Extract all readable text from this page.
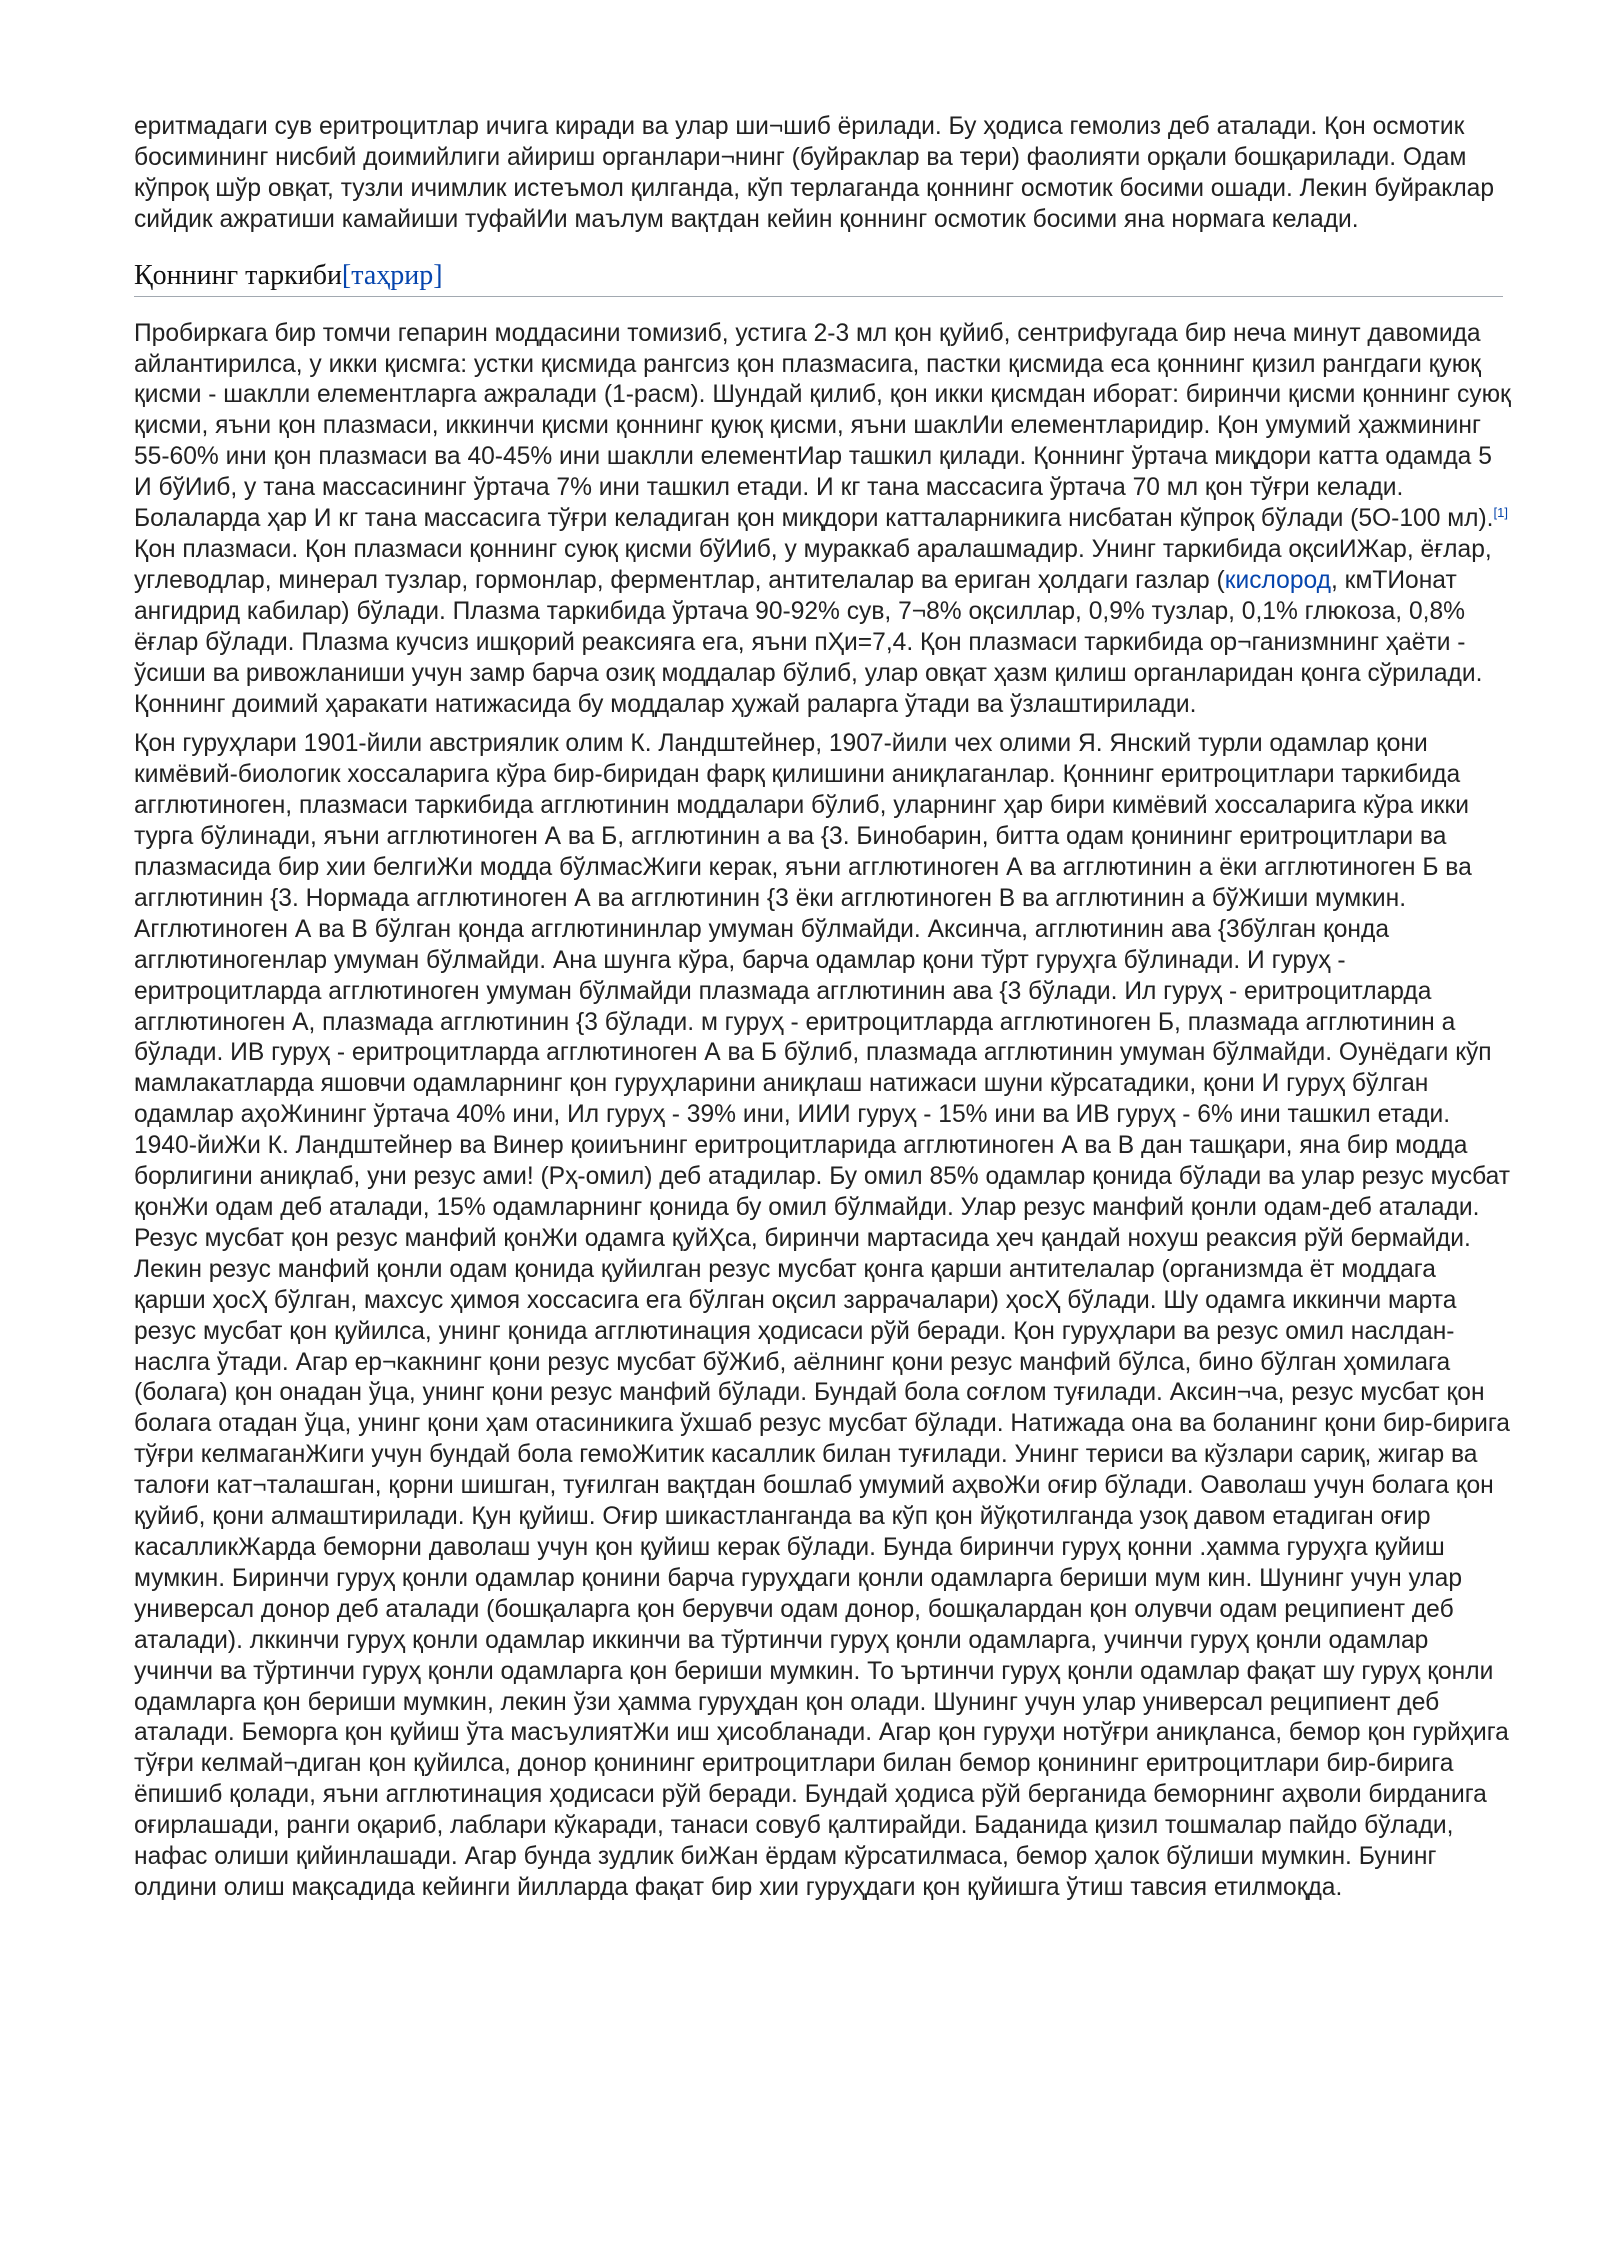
еритмадаги сув еритроцитлар ичига киради ва улар ши¬шиб ёрилади. Бу ҳодиса гемолиз деб аталади. Қон осмотик босимининг нисбий доимийлиги айириш органлари¬нинг (буйраклар ва тери) фаолияти орқали бошқарилади. Одам кўпроқ шўр овқат, тузли ичимлик истеъмол қилганда, кўп терлаганда қоннинг осмотик босими ошади. Лекин буйраклар сийдик ажратиши камайиши туфайИи маълум вақтдан кейин қоннинг осмотик босими яна нормага келади.

Қоннинг таркиби[таҳрир]

Пробиркага бир томчи гепарин моддасини томизиб, устига 2-3 мл қон қуйиб, сентрифугада бир неча минут давомида айлантирилса, у икки қисмга: устки қисмида рангсиз қон плазмасига, пастки қисмида еса қоннинг қизил рангдаги қуюқ қисми - шаклли елементларга ажралади (1-расм). Шундай қилиб, қон икки қисмдан иборат: биринчи қисми қоннинг суюқ қисми, яъни қон плазмаси, иккинчи қисми қоннинг қуюқ қисми, яъни шаклИи елементларидир. Қон умумий ҳажмининг 55-60% ини қон плазмаси ва 40-45% ини шаклли елементИар ташкил қилади. Қоннинг ўртача миқдори катта одамда 5 И бўИиб, у тана массасининг ўртача 7% ини ташкил етади. И кг тана массасига ўртача 70 мл қон тўғри келади. Болаларда ҳар И кг тана массасига тўғри келадиган қон миқдори катталарникига нисбатан кўпроқ бўлади (5О-100 мл).[1] Қон плазмаси. Қон плазмаси қоннинг суюқ қисми бўИиб, у мураккаб аралашмадир. Унинг таркибида оқсиИЖар, ёғлар, углеводлар, минерал тузлар, гормонлар, ферментлар, антителалар ва ериган ҳолдаги газлар (кислород, кмТИонат ангидрид кабилар) бўлади. Плазма таркибида ўртача 90-92% сув, 7¬8% оқсиллар, 0,9% тузлар, 0,1% глюкоза, 0,8% ёғлар бўлади. Плазма кучсиз ишқорий реаксияга ега, яъни пҲи=7,4. Қон плазмаси таркибида ор¬ганизмнинг ҳаёти - ўсиши ва ривожланиши учун замр барча озиқ моддалар бўлиб, улар овқат ҳазм қилиш органларидан қонга сўрилади. Қоннинг доимий ҳаракати натижасида бу моддалар ҳужай раларга ўтади ва ўзлаштирилади.

Қон гуруҳлари 1901-йили австриялик олим К. Ландштейнер, 1907-йили чех олими Я. Янский турли одамлар қони кимёвий-биологик хоссаларига кўра бир-биридан фарқ қилишини аниқлаганлар. Қоннинг еритроцитлари таркибида агглютиноген, плазмаси таркибида агглютинин моддалари бўлиб, уларнинг ҳар бири кимёвий хоссаларига кўра икки турга бўлинади, яъни агглютиноген А ва Б, агглютинин а ва {3. Бинобарин, битта одам қонининг еритроцитлари ва плазмасида бир хии белгиЖи модда бўлмасЖиги керак, яъни агглютиноген А ва агглютинин а ёки агглютиноген Б ва агглютинин {3. Нормада агглютиноген А ва агглютинин {3 ёки агглютиноген В ва агглютинин а бўЖиши мумкин. Агглютиноген А ва В бўлган қонда агглютининлар умуман бўлмайди. Аксинча, агглютинин ава {3бўлган қонда агглютиногенлар умуман бўлмайди. Ана шунга кўра, барча одамлар қони тўрт гуруҳга бўлинади. И гуруҳ - еритроцитларда агглютиноген умуман бўлмайди плазмада агглютинин ава {3 бўлади. Ил гуруҳ - еритроцитларда агглютиноген А, плазмада агглютинин {3 бўлади. м гуруҳ - еритроцитларда агглютиноген Б, плазмада агглютинин а бўлади. ИВ гуруҳ - еритроцитларда агглютиноген А ва Б бўлиб, плазмада агглютинин умуман бўлмайди. Оунёдаги кўп мамлакатларда яшовчи одамларнинг қон гуруҳларини аниқлаш натижаси шуни кўрсатадики, қони И гуруҳ бўлган одамлар аҳоЖининг ўртача 40% ини, Ил гуруҳ - 39% ини, ИИИ гуруҳ - 15% ини ва ИВ гуруҳ - 6% ини ташкил етади. 1940-йиЖи К. Ландштейнер ва Винер қоииънинг еритроцитларида агглютиноген А ва В дан ташқари, яна бир модда борлигини аниқлаб, уни резус ами! (Рҳ-омил) деб атадилар. Бу омил 85% одамлар қонида бўлади ва улар резус мусбат қонЖи одам деб аталади, 15% одамларнинг қонида бу омил бўлмайди. Улар резус манфий қонли одам-деб аталади. Резус мусбат қон резус манфий қонЖи одамга қуйҲса, биринчи мартасида ҳеч қандай нохуш реаксия рўй бермайди. Лекин резус манфий қонли одам қонида қуйилган резус мусбат қонга қарши антителалар (организмда ёт моддага қарши ҳосҲ бўлган, махсус ҳимоя хоссасига ега бўлган оқсил заррачалари) ҳосҲ бўлади. Шу одамга иккинчи марта резус мусбат қон қуйилса, унинг қонида агглютинация ҳодисаси рўй беради. Қон гуруҳлари ва резус омил наслдан-наслга ўтади. Агар ер¬какнинг қони резус мусбат бўЖиб, аёлнинг қони резус манфий бўлса, бино бўлган ҳомилага (болага) қон онадан ўца, унинг қони резус манфий бўлади. Бундай бола соғлом туғилади. Аксин¬ча, резус мусбат қон болага отадан ўца, унинг қони ҳам отасиникига ўхшаб резус мусбат бўлади. Натижада она ва боланинг қони бир-бирига тўғри келмаганЖиги учун бундай бола гемоЖитик касаллик билан туғилади. Унинг териси ва кўзлари сариқ, жигар ва талоғи кат¬талашган, қорни шишган, туғилган вақтдан бошлаб умумий аҳвоЖи оғир бўлади. Оаволаш учун болага қон қуйиб, қони алмаштирилади. Қун қуйиш. Оғир шикастланганда ва кўп қон йўқотилганда узоқ давом етадиган оғир касалликЖарда беморни даволаш учун қон қуйиш керак бўлади. Бунда биринчи гуруҳ қонни .ҳамма гуруҳга қуйиш мумкин. Биринчи гуруҳ қонли одамлар қонини барча гуруҳдаги қонли одамларга бериши мум кин. Шунинг учун улар универсал донор деб аталади (бошқаларга қон берувчи одам донор, бошқалардан қон олувчи одам реципиент деб аталади). лккинчи гуруҳ қонли одамлар иккинчи ва тўртинчи гуруҳ қонли одамларга, учинчи гуруҳ қонли одамлар учинчи ва тўртинчи гуруҳ қонли одамларга қон бериши мумкин. То ъртинчи гуруҳ қонли одамлар фақат шу гуруҳ қонли одамларга қон бериши мумкин, лекин ўзи ҳамма гуруҳдан қон олади. Шунинг учун улар универсал реципиент деб аталади. Беморга қон қуйиш ўта масъулиятЖи иш ҳисобланади. Агар қон гуруҳи нотўғри аниқланса, бемор қон гурйҳига тўғри келмай¬диган қон қуйилса, донор қонининг еритроцитлари билан бемор қонининг еритроцитлари бир-бирига ёпишиб қолади, яъни агглютинация ҳодисаси рўй беради. Бундай ҳодиса рўй берганида беморнинг аҳволи бирданига оғирлашади, ранги оқариб, лаблари кўкаради, танаси совуб қалтирайди. Баданида қизил тошмалар пайдо бўлади, нафас олиши қийинлашади. Агар бунда зудлик биЖан ёрдам кўрсатилмаса, бемор ҳалок бўлиши мумкин. Бунинг олдини олиш мақсадида кейинги йилларда фақат бир хии гуруҳдаги қон қуйишга ўтиш тавсия етилмоқда.
